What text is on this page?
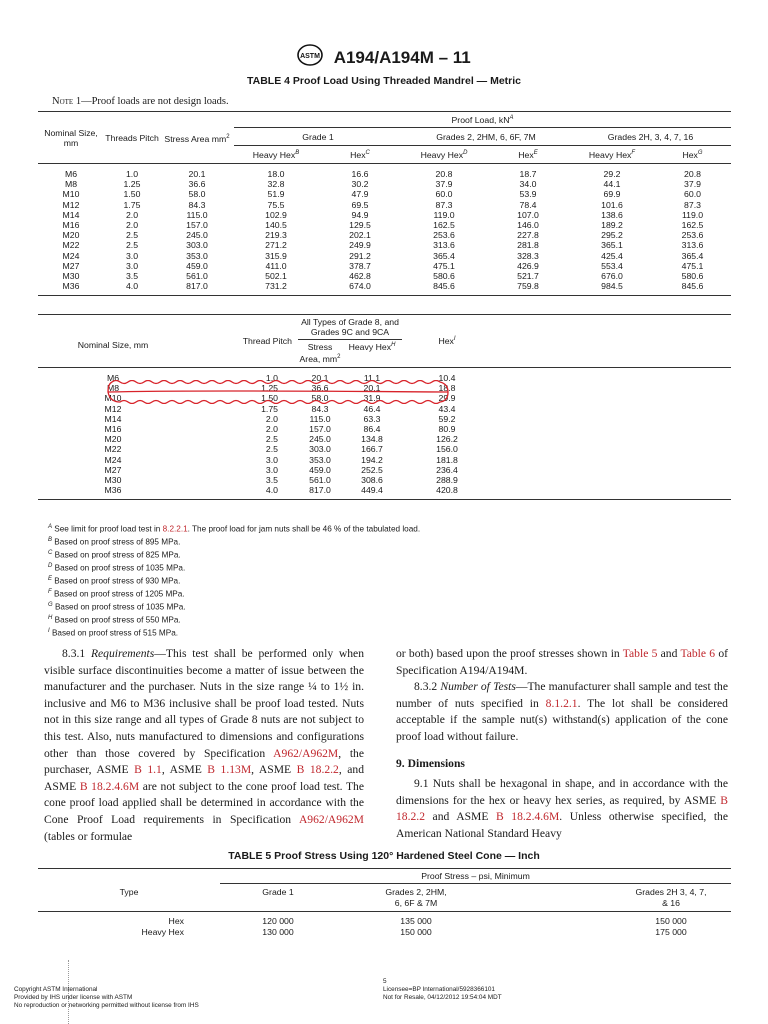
ASTM A194/A194M – 11
TABLE 4 Proof Load Using Threaded Mandrel — Metric
Note 1—Proof loads are not design loads.
Nominal Size, mm	Threads Pitch	Stress Area $mm^2$	Proof Load, $kN^A$
			Grade 1		Grades 2, 2HM, 6, 6F, 7M		Grades 2H, 3, 4, 7, 16	
			Heavy Hex$^B$	Hex$^C$	Heavy Hex$^D$	Hex$^E$	Heavy Hex$^F$	Hex$^G$
M6	1.0	20.1	18.0	16.6	20.8	18.7	29.2	20.8
M8	1.25	36.6	32.8	30.2	37.9	34.0	44.1	37.9
M10	1.50	58.0	51.9	47.9	60.0	53.9	69.9	60.0
M12	1.75	84.3	75.5	69.5	87.3	78.4	101.6	87.3
M14	2.0	115.0	102.9	94.9	119.0	107.0	138.6	119.0
M16	2.0	157.0	140.5	129.5	162.5	146.0	189.2	162.5
M20	2.5	245.0	219.3	202.1	253.6	227.8	295.2	253.6
M22	2.5	303.0	271.2	249.9	313.6	281.8	365.1	313.6
M24	3.0	353.0	315.9	291.2	365.4	328.3	425.4	365.4
M27	3.0	459.0	411.0	378.7	475.1	426.9	553.4	475.1
M30	3.5	561.0	502.1	462.8	580.6	521.7	676.0	580.6
M36	4.0	817.0	731.2	674.0	845.6	759.8	984.5	845.6
Nominal Size, mm	Thread Pitch	All Types of Grade 8, and Grades 9C and 9CA		Hex$^I$	
		Stress Area, $mm^2$	Heavy Hex$^H$
M6	1.0	20.1	11.1	10.4	
M8	1.25	36.6	20.1	18.8	
M10	1.50	58.0	31.9	29.9	
M12	1.75	84.3	46.4	43.4	
M14	2.0	115.0	63.3	59.2	
M16	2.0	157.0	86.4	80.9	
M20	2.5	245.0	134.8	126.2	
M22	2.5	303.0	166.7	156.0	
M24	3.0	353.0	194.2	181.8	
M27	3.0	459.0	252.5	236.4	
M30	3.5	561.0	308.6	288.9	
M36	4.0	817.0	449.4	420.8	
$^A$ See limit for proof load test in 8.2.2.1. The proof load for jam nuts shall be 46 % of the tabulated load.
$^B$ Based on proof stress of 895 MPa.
$^C$ Based on proof stress of 825 MPa.
$^D$ Based on proof stress of 1035 MPa.
$^E$ Based on proof stress of 930 MPa.
$^F$ Based on proof stress of 1205 MPa.
$^G$ Based on proof stress of 1035 MPa.
$^H$ Based on proof stress of 550 MPa.
$^I$ Based on proof stress of 515 MPa.

8.3.1 Requirements—This test shall be performed only when visible surface discontinuities become a matter of issue between the manufacturer and the purchaser. Nuts in the size range ¼ to 1½ in. inclusive and M6 to M36 inclusive shall be proof load tested. Nuts not in this size range and all types of Grade 8 nuts are not subject to this test. Also, nuts manufactured to dimensions and configurations other than those covered by Specification A962/A962M, the purchaser, ASME B 1.1, ASME B 1.13M, ASME B 18.2.2, and ASME B 18.2.4.6M are not subject to the cone proof load test. The cone proof load applied shall be determined in accordance with the Cone Proof Load requirements in Specification A962/A962M (tables or formulae

or both) based upon the proof stresses shown in Table 5 and Table 6 of Specification A194/A194M.

8.3.2 Number of Tests—The manufacturer shall sample and test the number of nuts specified in 8.1.2.1. The lot shall be considered acceptable if the sample nut(s) withstand(s) application of the cone proof load without failure.

9. Dimensions

9.1 Nuts shall be hexagonal in shape, and in accordance with the dimensions for the hex or heavy hex series, as required, by ASME B 18.2.2 and ASME B 18.2.4.6M. Unless otherwise specified, the American National Standard Heavy

TABLE 5 Proof Stress Using 120° Hardened Steel Cone — Inch
	Proof Stress – psi, Minimum			
Type	Grade 1	Grades 2, 2HM, 6, 6F & 7M		Grades 2H 3, 4, 7, & 16

Hex	120 000	135 000		150 000
Heavy Hex	130 000	150 000		175 000
Copyright ASTM International
Provided by IHS under license with ASTM
No reproduction or networking permitted without license from IHS
5
Licensee=BP International/5928366101
Not for Resale, 04/12/2012 19:54:04 MDT
